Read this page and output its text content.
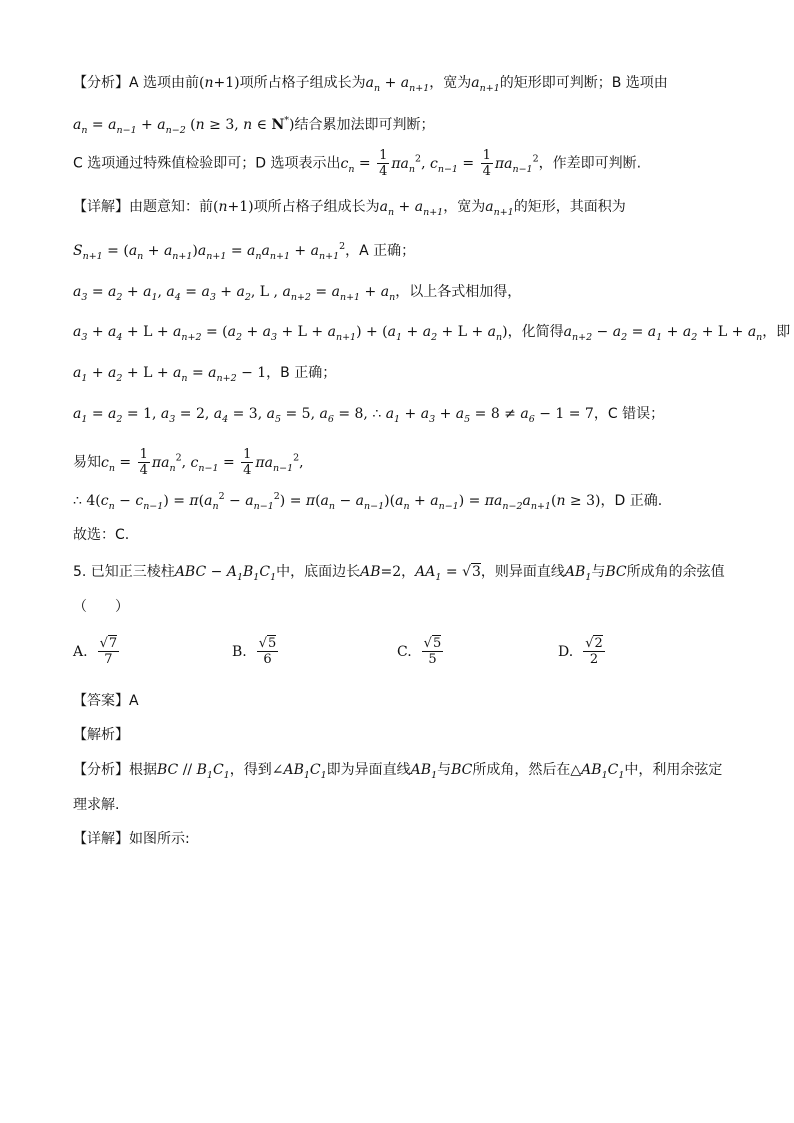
【分析】A 选项由前(n+1)项所占格子组成长为$a_n + a_{n+1}$，宽为$a_{n+1}$的矩形即可判断；B 选项由
$a_n = a_{n-1} + a_{n-2}$ (n ≥ 3, n ∈ N*)结合累加法即可判断；
C 选项通过特殊值检验即可；D 选项表示出$c_n = \frac{1}{4} \pi a_n^2$, $c_{n-1} = \frac{1}{4} \pi a_{n-1}^2$，作差即可判断.
【详解】由题意知：前(n+1)项所占格子组成长为$a_n + a_{n+1}$，宽为$a_{n+1}$的矩形，其面积为
$S_{n+1} = (a_n + a_{n+1})a_{n+1} = a_na_{n+1} + a_{n+1}^2$，A 正确；
$a_3 = a_2 + a_1$, $a_4 = a_3 + a_2$, L , $a_{n+2} = a_{n+1} + a_n$，以上各式相加得，
$a_3 + a_4 + L + a_{n+2} = (a_2 + a_3 + L + a_{n+1}) + (a_1 + a_2 + L + a_n)$，化简得$a_{n+2} - a_2 = a_1 + a_2 + L + a_n$，即
$a_1 + a_2 + L + a_n = a_{n+2} - 1$，B 正确；
$a_1 = a_2 = 1$, $a_3 = 2$, $a_4 = 3$, $a_5 = 5$, $a_6 = 8$, ∴ $a_1 + a_3 + a_5 = 8 \ne a_6 - 1 = 7$，C 错误；
易知$c_n = \frac{1}{4} \pi a_n^2$, $c_{n-1} = \frac{1}{4} \pi a_{n-1}^2$,
∴ $4(c_n - c_{n-1}) = \pi(a_n^2 - a_{n-1}^2) = \pi(a_n - a_{n-1})(a_n + a_{n-1}) = \pi a_{n-2}a_{n+1}(n \ge 3)$，D 正确.
故选：C.
5. 已知正三棱柱ABC − $A_1B_1C_1$中，底面边长AB=2，$AA_1 = √3$，则异面直线$AB_1$与BC所成角的余弦值
（　　）
A. $\frac{√7}{7}$	B. $\frac{√5}{6}$	C. $\frac{√5}{5}$	D. $\frac{√2}{2}$
【答案】A
【解析】
【分析】根据BC // $B_1C_1$，得到$\angle AB_1C_1$即为异面直线$AB_1$与BC所成角，然后在$\triangle AB_1C_1$中，利用余弦定
理求解.
【详解】如图所示:
